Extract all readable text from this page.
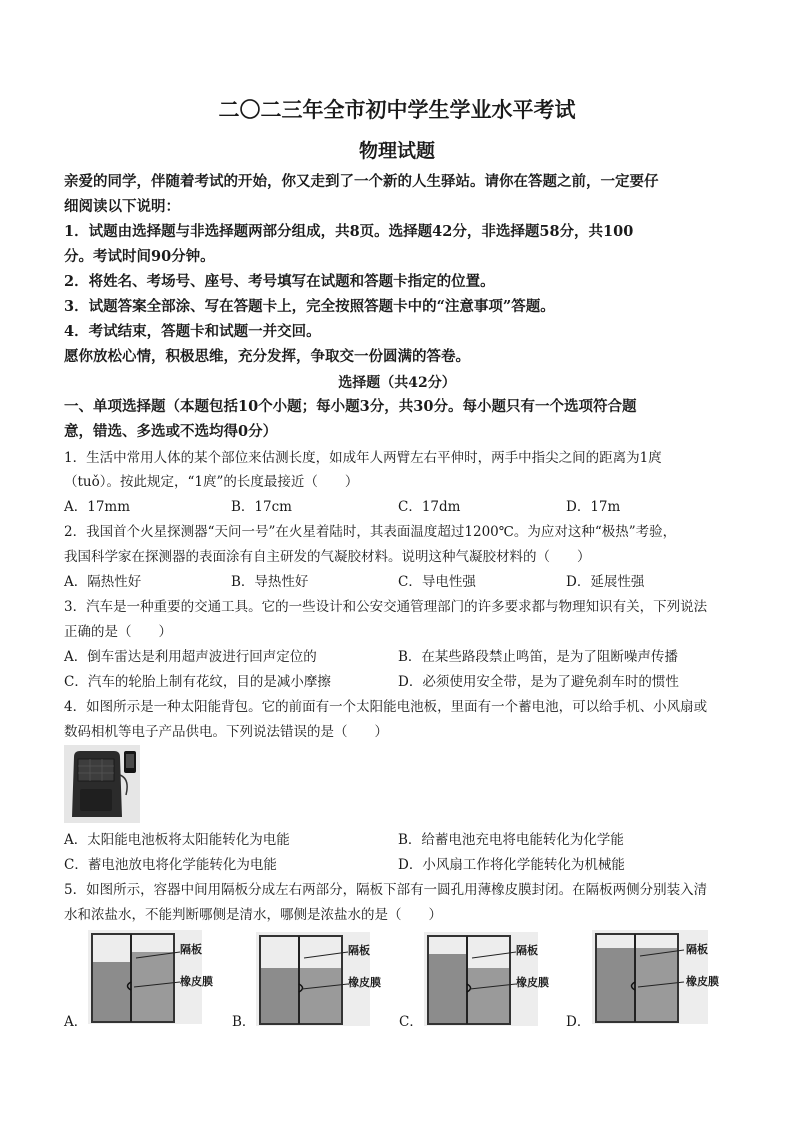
二〇二三年全市初中学生学业水平考试
物理试题
亲爱的同学，伴随着考试的开始，你又走到了一个新的人生驿站。请你在答题之前，一定要仔
细阅读以下说明：
1．试题由选择题与非选择题两部分组成，共8页。选择题42分，非选择题58分，共100
分。考试时间90分钟。
2．将姓名、考场号、座号、考号填写在试题和答题卡指定的位置。
3．试题答案全部涂、写在答题卡上，完全按照答题卡中的“注意事项”答题。
4．考试结束，答题卡和试题一并交回。
愿你放松心情，积极思维，充分发挥，争取交一份圆满的答卷。
选择题（共42分）
一、单项选择题（本题包括10个小题；每小题3分，共30分。每小题只有一个选项符合题
意，错选、多选或不选均得0分）
1．生活中常用人体的某个部位来估测长度，如成年人两臂左右平伸时，两手中指尖之间的距离为1庹
（tuǒ）。按此规定，“1庹”的长度最接近（　　）
A．17mm	B．17cm	C．17dm	D．17m
2．我国首个火星探测器“天问一号”在火星着陆时，其表面温度超过1200℃。为应对这种“极热”考验，
我国科学家在探测器的表面涂有自主研发的气凝胶材料。说明这种气凝胶材料的（　　）
A．隔热性好	B．导热性好	C．导电性强	D．延展性强
3．汽车是一种重要的交通工具。它的一些设计和公安交通管理部门的许多要求都与物理知识有关，下列说法
正确的是（　　）
A．倒车雷达是利用超声波进行回声定位的	B．在某些路段禁止鸣笛，是为了阻断噪声传播
C．汽车的轮胎上制有花纹，目的是减小摩擦	D．必须使用安全带，是为了避免刹车时的惯性
4．如图所示是一种太阳能背包。它的前面有一个太阳能电池板，里面有一个蓄电池，可以给手机、小风扇或
数码相机等电子产品供电。下列说法错误的是（　　）
A．太阳能电池板将太阳能转化为电能	B．给蓄电池充电将电能转化为化学能
C．蓄电池放电将化学能转化为电能	D．小风扇工作将化学能转化为机械能
5．如图所示，容器中间用隔板分成左右两部分，隔板下部有一圆孔用薄橡皮膜封闭。在隔板两侧分别装入清
水和浓盐水，不能判断哪侧是清水，哪侧是浓盐水的是（　　）
A．
隔板
橡皮膜
B．
隔板
橡皮膜
C．
隔板
橡皮膜
D．
隔板
橡皮膜
